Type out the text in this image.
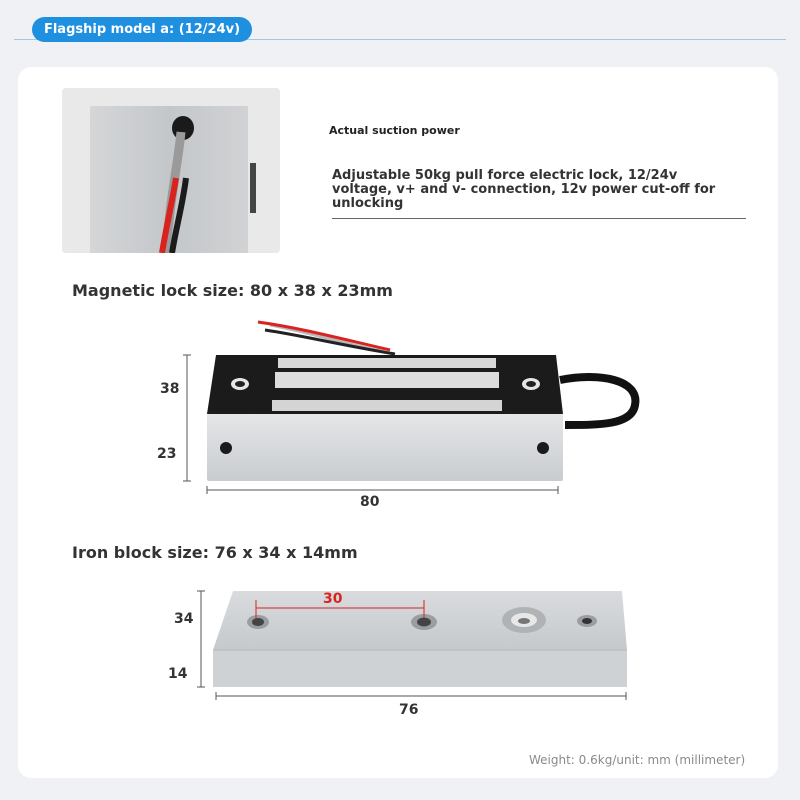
Flagship model a: (12/24v)
Actual suction power
Adjustable 50kg pull force electric lock, 12/24v voltage, v+ and v- connection, 12v power cut-off for unlocking
Magnetic lock size: 80 x 38 x 23mm
Iron block size: 76 x 34 x 14mm
38
23
80
30
34
14
76
Weight: 0.6kg/unit: mm (millimeter)
